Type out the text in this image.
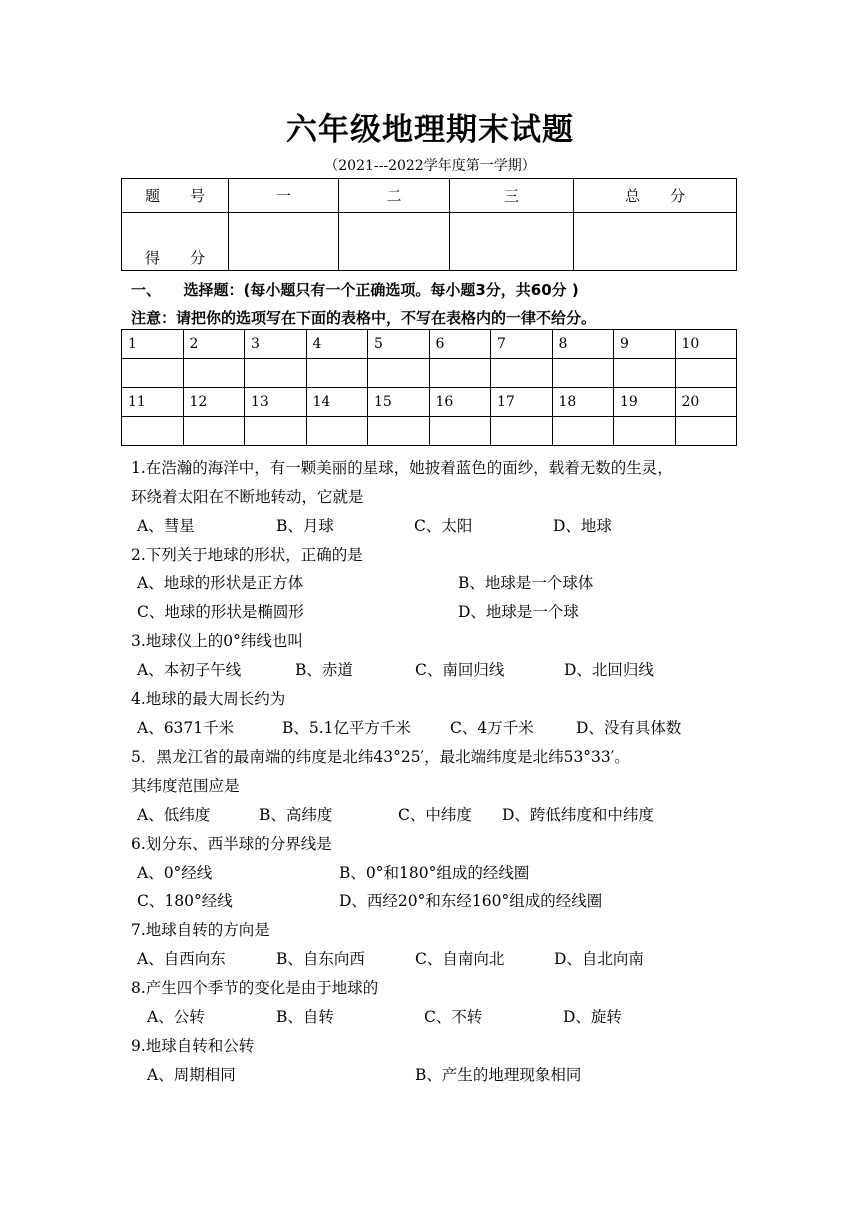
六年级地理期末试题
（2021---2022学年度第一学期）
题　　号	一	二	三	总　　分
得　　分				
一、　　选择题：(每小题只有一个正确选项。每小题3分，共60分 )
注意：请把你的选项写在下面的表格中，不写在表格内的一律不给分。
1	2	3	4	5	6	7	8	9	10

11	12	13	14	15	16	17	18	19	20

1.在浩瀚的海洋中，有一颗美丽的星球，她披着蓝色的面纱，载着无数的生灵，
环绕着太阳在不断地转动，它就是
A、彗星	B、月球	C、太阳	D、地球
2.下列关于地球的形状，正确的是
A、地球的形状是正方体	B、地球是一个球体
C、地球的形状是椭圆形	D、地球是一个球
3.地球仪上的0°纬线也叫
A、本初子午线	B、赤道	C、南回归线	D、北回归线
4.地球的最大周长约为
A、6371千米	B、5.1亿平方千米	C、4万千米	D、没有具体数
5．黑龙江省的最南端的纬度是北纬43°25′，最北端纬度是北纬53°33′。
其纬度范围应是
A、低纬度	B、高纬度	C、中纬度 D、跨低纬度和中纬度
6.划分东、西半球的分界线是
A、0°经线	B、0°和180°组成的经线圈
C、180°经线	D、西经20°和东经160°组成的经线圈
7.地球自转的方向是
A、自西向东	B、自东向西	C、自南向北	D、自北向南
8.产生四个季节的变化是由于地球的
A、公转	B、自转	C、不转	D、旋转
9.地球自转和公转
A、周期相同	B、产生的地理现象相同
